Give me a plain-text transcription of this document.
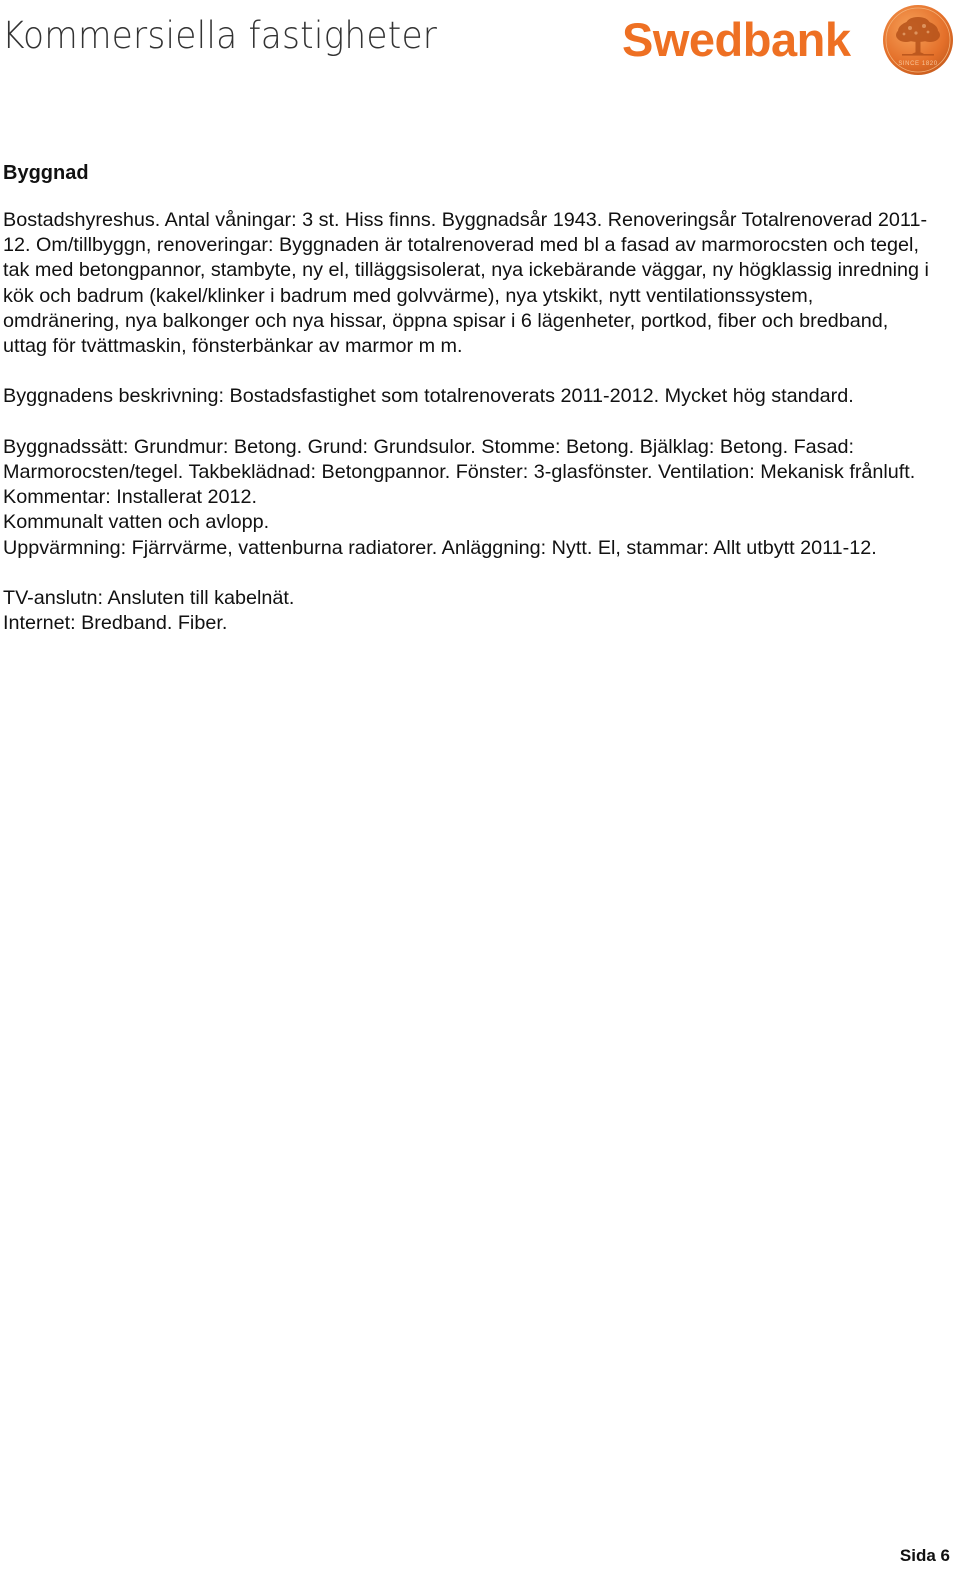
Kommersiella fastigheter	Swedbank	SINCE 1820
Byggnad

Bostadshyreshus. Antal våningar: 3 st. Hiss finns. Byggnadsår 1943. Renoveringsår Totalrenoverad 2011-12. Om/tillbyggn, renoveringar: Byggnaden är totalrenoverad med bl a fasad av marmorocsten och tegel, tak med betongpannor, stambyte, ny el, tilläggsisolerat, nya ickebärande väggar, ny högklassig inredning i kök och badrum (kakel/klinker i badrum med golvvärme), nya ytskikt, nytt ventilationssystem, omdränering, nya balkonger och nya hissar, öppna spisar i 6 lägenheter, portkod, fiber och bredband, uttag för tvättmaskin, fönsterbänkar av marmor m m.

Byggnadens beskrivning: Bostadsfastighet som totalrenoverats 2011-2012. Mycket hög standard.

Byggnadssätt: Grundmur: Betong. Grund: Grundsulor. Stomme: Betong. Bjälklag: Betong. Fasad: Marmorocsten/tegel. Takbeklädnad: Betongpannor. Fönster: 3-glasfönster. Ventilation: Mekanisk frånluft. Kommentar: Installerat 2012.

Kommunalt vatten och avlopp.

Uppvärmning: Fjärrvärme, vattenburna radiatorer. Anläggning: Nytt. El, stammar: Allt utbytt 2011-12.

TV-anslutn: Ansluten till kabelnät.

Internet: Bredband. Fiber.

Sida 6
